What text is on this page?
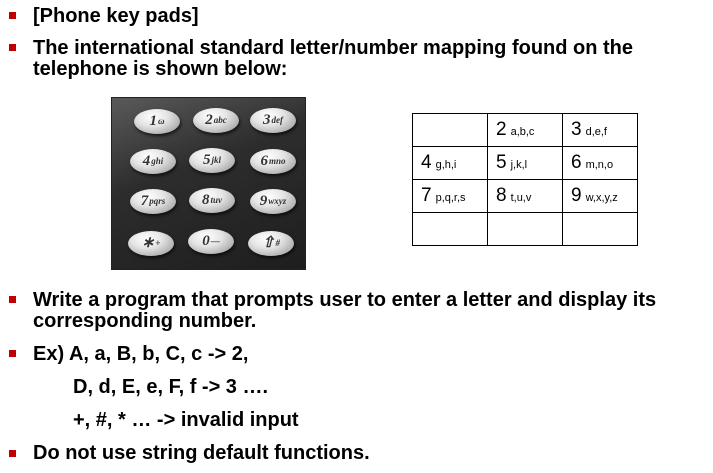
[Phone key pads]
The international standard letter/number mapping found on the
telephone is shown below:
1 ω	2 abc 3 def
4 ghi	5 jkl	6 mno
7 pqrs 8 tuv	9 wxyz
∗ +	0 —	⇧ #
	2 a,b,c	3 d,e,f
4 g,h,i	5 j,k,l	6 m,n,o
7 p,q,r,s	8 t,u,v	9 w,x,y,z

Write a program that prompts user to enter a letter and display its
corresponding number.
Ex) A, a, B, b, C, c -> 2,
D, d, E, e, F, f -> 3 ….
+, #, * … -> invalid input
Do not use string default functions.
